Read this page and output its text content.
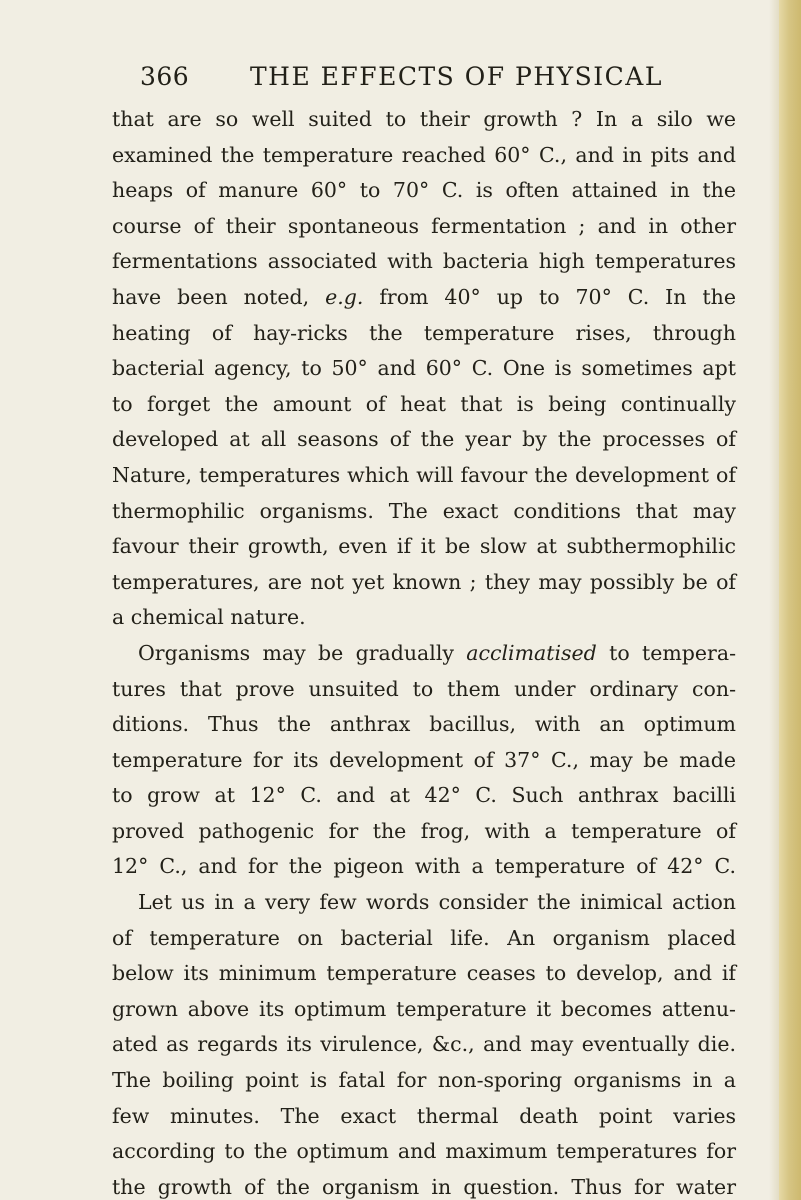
366 THE EFFECTS OF PHYSICAL
that are so well suited to their growth ? In a silo we
examined the temperature reached 60° C., and in pits and
heaps of manure 60° to 70° C. is often attained in the
course of their spontaneous fermentation ; and in other
fermentations associated with bacteria high temperatures
have been noted, e.g. from 40° up to 70° C. In the
heating of hay-ricks the temperature rises, through
bacterial agency, to 50° and 60° C. One is sometimes apt
to forget the amount of heat that is being continually
developed at all seasons of the year by the processes of
Nature, temperatures which will favour the development of
thermophilic organisms. The exact conditions that may
favour their growth, even if it be slow at subthermophilic
temperatures, are not yet known ; they may possibly be of
a chemical nature.
Organisms may be gradually acclimatised to tempera-
tures that prove unsuited to them under ordinary con-
ditions. Thus the anthrax bacillus, with an optimum
temperature for its development of 37° C., may be made
to grow at 12° C. and at 42° C. Such anthrax bacilli
proved pathogenic for the frog, with a temperature of
12° C., and for the pigeon with a temperature of 42° C.
Let us in a very few words consider the inimical action
of temperature on bacterial life. An organism placed
below its minimum temperature ceases to develop, and if
grown above its optimum temperature it becomes attenu-
ated as regards its virulence, &c., and may eventually die.
The boiling point is fatal for non-sporing organisms in a
few minutes. The exact thermal death point varies
according to the optimum and maximum temperatures for
the growth of the organism in question. Thus for water
